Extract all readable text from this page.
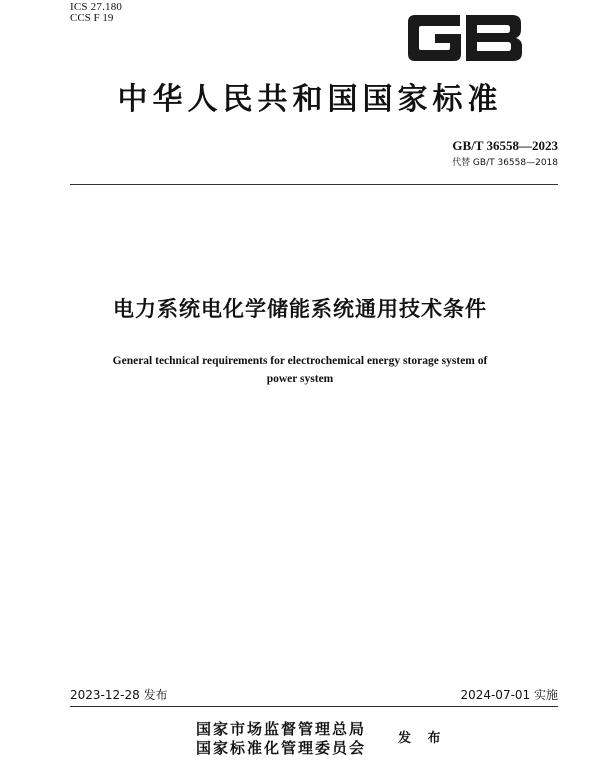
ICS 27.180
CCS F 19
中华人民共和国国家标准
GB/T 36558—2023
代替 GB/T 36558—2018
电力系统电化学储能系统通用技术条件
General technical requirements for electrochemical energy storage system of
power system
2023-12-28 发布	2024-07-01 实施
国家市场监督管理总局
国家标准化管理委员会
发 布
